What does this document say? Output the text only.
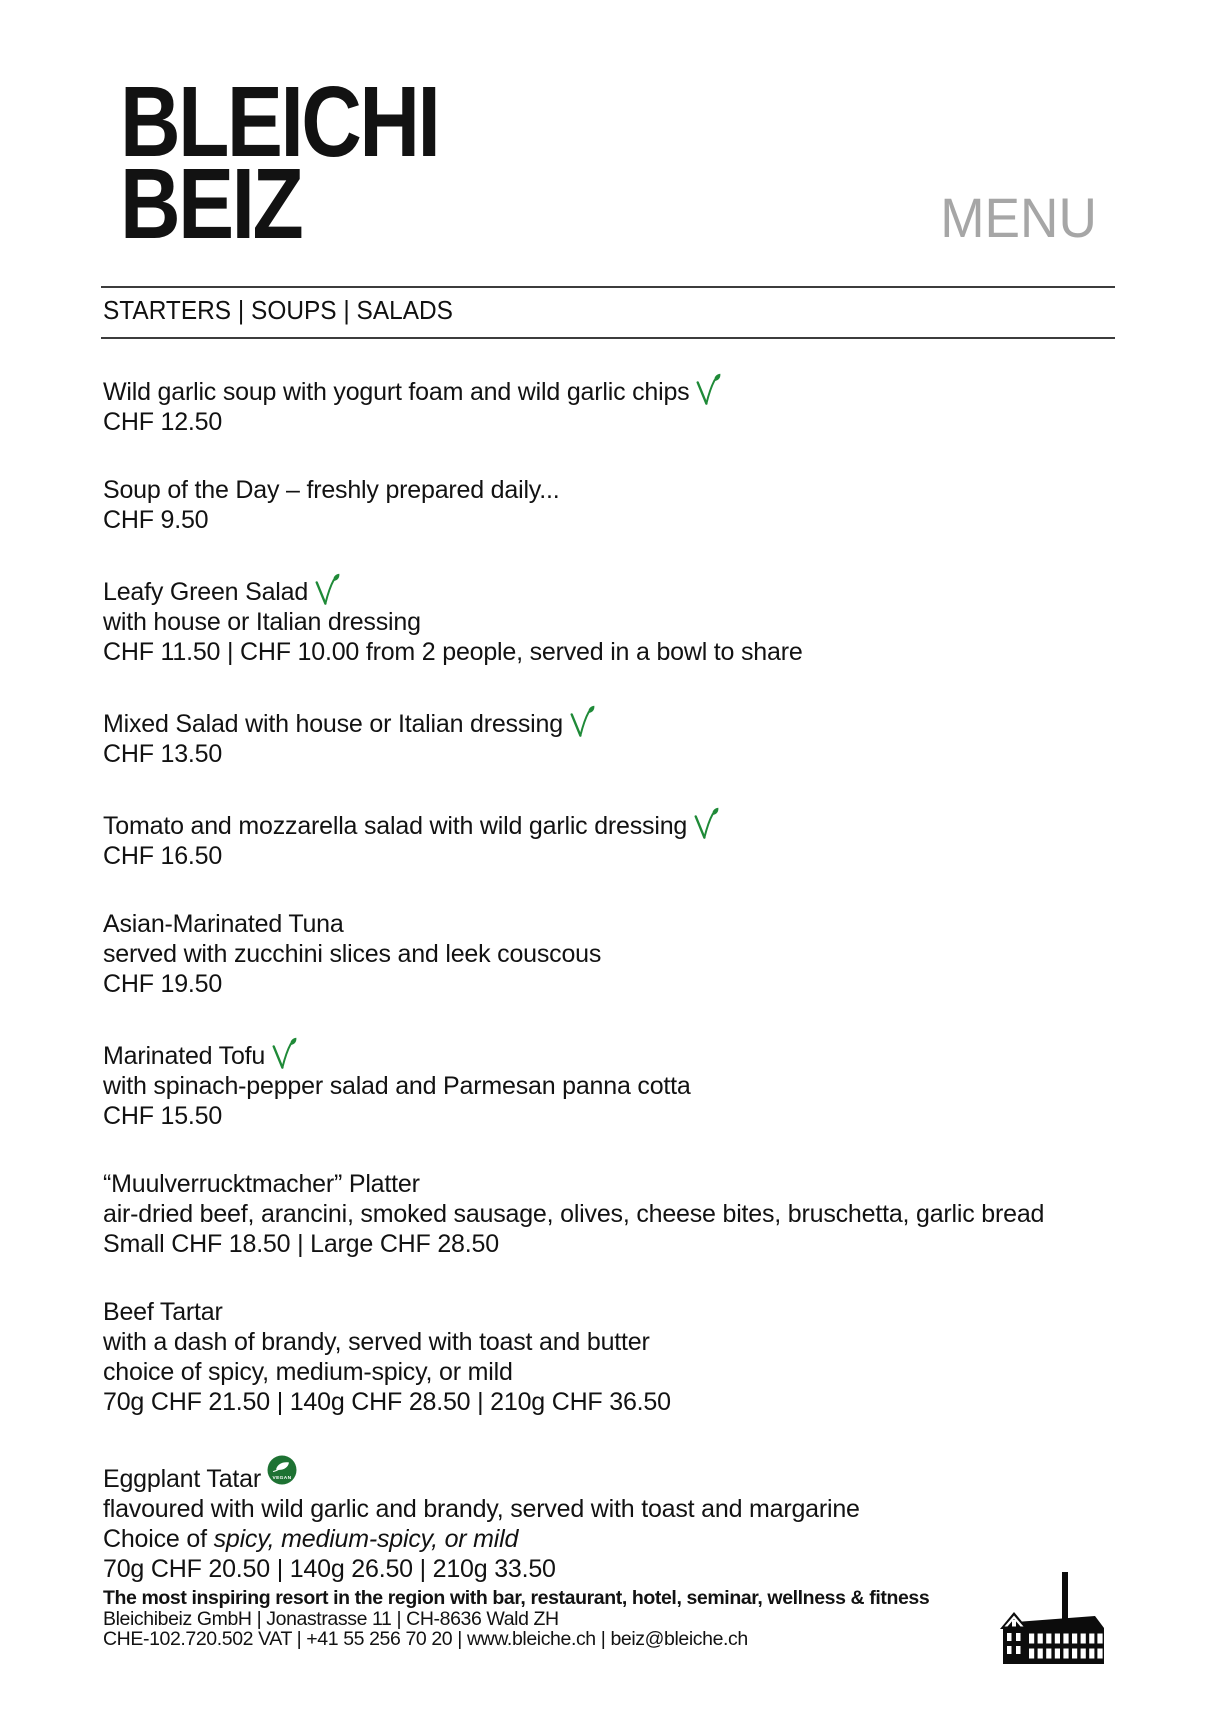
BLEICHI
BEIZ	MENU
STARTERS | SOUPS | SALADS
Wild garlic soup with yogurt foam and wild garlic chips
CHF 12.50
Soup of the Day – freshly prepared daily...
CHF 9.50
Leafy Green Salad
with house or Italian dressing
CHF 11.50 | CHF 10.00 from 2 people, served in a bowl to share
Mixed Salad with house or Italian dressing
CHF 13.50
Tomato and mozzarella salad with wild garlic dressing
CHF 16.50
Asian-Marinated Tuna
served with zucchini slices and leek couscous
CHF 19.50
Marinated Tofu
with spinach-pepper salad and Parmesan panna cotta
CHF 15.50
“Muulverrucktmacher” Platter
air-dried beef, arancini, smoked sausage, olives, cheese bites, bruschetta, garlic bread
Small CHF 18.50 | Large CHF 28.50
Beef Tartar
with a dash of brandy, served with toast and butter
choice of spicy, medium-spicy, or mild
70g CHF 21.50 | 140g CHF 28.50 | 210g CHF 36.50
Eggplant Tatar VEGAN
flavoured with wild garlic and brandy, served with toast and margarine
Choice of spicy, medium-spicy, or mild
70g CHF 20.50 | 140g 26.50 | 210g 33.50
The most inspiring resort in the region with bar, restaurant, hotel, seminar, wellness & fitness
Bleichibeiz GmbH | Jonastrasse 11 | CH-8636 Wald ZH
CHE-102.720.502 VAT | +41 55 256 70 20 | www.bleiche.ch | beiz@bleiche.ch
